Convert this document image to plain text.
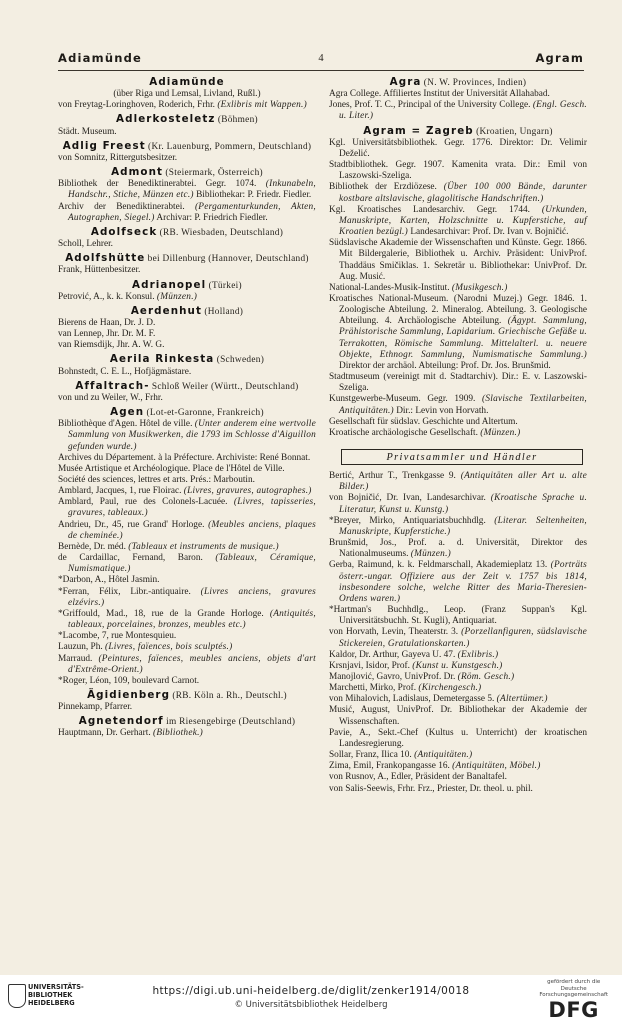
Adiamünde	4	Agram
Adiamünde
(über Riga und Lemsal, Livland, Rußl.)
von Freytag-Loringhoven, Roderich, Frhr. (Exlibris mit Wappen.)
Adlerkosteletz (Böhmen)
Städt. Museum.
Adlig Freest (Kr. Lauenburg, Pommern, Deutschland)
von Somnitz, Rittergutsbesitzer.
Admont (Steiermark, Österreich)
Bibliothek der Benediktinerabtei. Gegr. 1074. (Inkunabeln, Handschr., Stiche, Münzen etc.) Bibliothekar: P. Friedr. Fiedler.
Archiv der Benediktinerabtei. (Pergamenturkunden, Akten, Autographen, Siegel.) Archivar: P. Friedrich Fiedler.
Adolfseck (RB. Wiesbaden, Deutschland)
Scholl, Lehrer.
Adolfshütte bei Dillenburg (Hannover, Deutschland)
Frank, Hüttenbesitzer.
Adrianopel (Türkei)
Petrović, A., k. k. Konsul. (Münzen.)
Aerdenhut (Holland)
Bierens de Haan, Dr. J. D.
van Lennep, Jhr. Dr. M. F.
van Riemsdijk, Jhr. A. W. G.
Aerila Rinkesta (Schweden)
Bohnstedt, C. E. L., Hofjägmästare.
Affaltrach- Schloß Weiler (Württ., Deutschland)
von und zu Weiler, W., Frhr.
Agen (Lot-et-Garonne, Frankreich)
Bibliothèque d'Agen. Hôtel de ville. (Unter anderem eine wertvolle Sammlung von Musikwerken, die 1793 im Schlosse d'Aiguillon gefunden wurde.)
Archives du Département. à la Préfecture. Archiviste: René Bonnat.
Musée Artistique et Archéologique. Place de l'Hôtel de Ville.
Société des sciences, lettres et arts. Prés.: Marboutin.
Amblard, Jacques, 1, rue Floirac. (Livres, gravures, autographes.)
Amblard, Paul, rue des Colonels-Lacuée. (Livres, tapisseries, gravures, tableaux.)
Andrieu, Dr., 45, rue Grand' Horloge. (Meubles anciens, plaques de cheminée.)
Bernède, Dr. méd. (Tableaux et instruments de musique.)
de Cardaillac, Fernand, Baron. (Tableaux, Céramique, Numismatique.)
*Darbon, A., Hôtel Jasmin.
*Ferran, Félix, Libr.-antiquaire. (Livres anciens, gravures elzévirs.)
*Griffould, Mad., 18, rue de la Grande Horloge. (Antiquités, tableaux, porcelaines, bronzes, meubles etc.)
*Lacombe, 7, rue Montesquieu.
Lauzun, Ph. (Livres, faïences, bois sculptés.)
Marraud. (Peintures, faïences, meubles anciens, objets d'art d'Extrême-Orient.)
*Roger, Léon, 109, boulevard Carnot.
Ägidienberg (RB. Köln a. Rh., Deutschl.)
Pinnekamp, Pfarrer.
Agnetendorf im Riesengebirge (Deutschland)
Hauptmann, Dr. Gerhart. (Bibliothek.)
Agra (N. W. Provinces, Indien)
Agra College. Affiliertes Institut der Universität Allahabad.
Jones, Prof. T. C., Principal of the University College. (Engl. Gesch. u. Liter.)
Agram = Zagreb (Kroatien, Ungarn)
Kgl. Universitätsbibliothek. Gegr. 1776. Direktor: Dr. Velimir Deželić.
Stadtbibliothek. Gegr. 1907. Kamenita vrata. Dir.: Emil von Laszowski-Szeliga.
Bibliothek der Erzdiözese. (Über 100 000 Bände, darunter kostbare altslavische, glagolitische Handschriften.)
Kgl. Kroatisches Landesarchiv. Gegr. 1744. (Urkunden, Manuskripte, Karten, Holzschnitte u. Kupferstiche, auf Kroatien bezügl.) Landesarchivar: Prof. Dr. Ivan v. Bojničić.
Südslavische Akademie der Wissenschaften und Künste. Gegr. 1866. Mit Bildergalerie, Bibliothek u. Archiv. Präsident: UnivProf. Thaddäus Smičiklas. 1. Sekretär u. Bibliothekar: UnivProf. Dr. Aug. Musić.
National-Landes-Musik-Institut. (Musikgesch.)
Kroatisches National-Museum. (Narodni Muzej.) Gegr. 1846. 1. Zoologische Abteilung. 2. Mineralog. Abteilung. 3. Geologische Abteilung. 4. Archäologische Abteilung. (Ägypt. Sammlung, Prähistorische Sammlung, Lapidarium. Griechische Gefäße u. Terrakotten, Römische Sammlung. Mittelalterl. u. neuere Objekte, Ethnogr. Sammlung, Numismatische Sammlung.) Direktor der archäol. Abteilung: Prof. Dr. Jos. Brunšmid.
Stadtmuseum (vereinigt mit d. Stadtarchiv). Dir.: E. v. Laszowski-Szeliga.
Kunstgewerbe-Museum. Gegr. 1909. (Slavische Textilarbeiten, Antiquitäten.) Dir.: Levin von Horvath.
Gesellschaft für südslav. Geschichte und Altertum.
Kroatische archäologische Gesellschaft. (Münzen.)
Privatsammler und Händler
Bertić, Arthur T., Trenkgasse 9. (Antiquitäten aller Art u. alte Bilder.)
von Bojničić, Dr. Ivan, Landesarchivar. (Kroatische Sprache u. Literatur, Kunst u. Kunstg.)
*Breyer, Mirko, Antiquariatsbuchhdlg. (Literar. Seltenheiten, Manuskripte, Kupferstiche.)
Brunšmid, Jos., Prof. a. d. Universität, Direktor des Nationalmuseums. (Münzen.)
Gerba, Raimund, k. k. Feldmarschall, Akademieplatz 13. (Porträts österr.-ungar. Offiziere aus der Zeit v. 1757 bis 1814, insbesondere solche, welche Ritter des Maria-Theresien-Ordens waren.)
*Hartman's Buchhdlg., Leop. (Franz Suppan's Kgl. Universitätsbuchh. St. Kugli), Antiquariat.
von Horvath, Levin, Theaterstr. 3. (Porzellanfiguren, südslavische Stickereien, Gratulationskarten.)
Kaldor, Dr. Arthur, Gayeva U. 47. (Exlibris.)
Krsnjavi, Isidor, Prof. (Kunst u. Kunstgesch.)
Manojlović, Gavro, UnivProf. Dr. (Röm. Gesch.)
Marchetti, Mirko, Prof. (Kirchengesch.)
von Mihalovich, Ladislaus, Demetergasse 5. (Altertümer.)
Musić, August, UnivProf. Dr. Bibliothekar der Akademie der Wissenschaften.
Pavie, A., Sekt.-Chef (Kultus u. Unterricht) der kroatischen Landesregierung.
Sollar, Franz, Ilica 10. (Antiquitäten.)
Zima, Emil, Frankopangasse 16. (Antiquitäten, Möbel.)
von Rusnov, A., Edler, Präsident der Banaltafel.
von Salis-Seewis, Frhr. Frz., Priester, Dr. theol. u. phil.
UNIVERSITÄTS-
BIBLIOTHEK
HEIDELBERG
https://digi.ub.uni-heidelberg.de/diglit/zenker1914/0018
© Universitätsbibliothek Heidelberg
gefördert durch die
Deutsche
Forschungsgemeinschaft
DFG
